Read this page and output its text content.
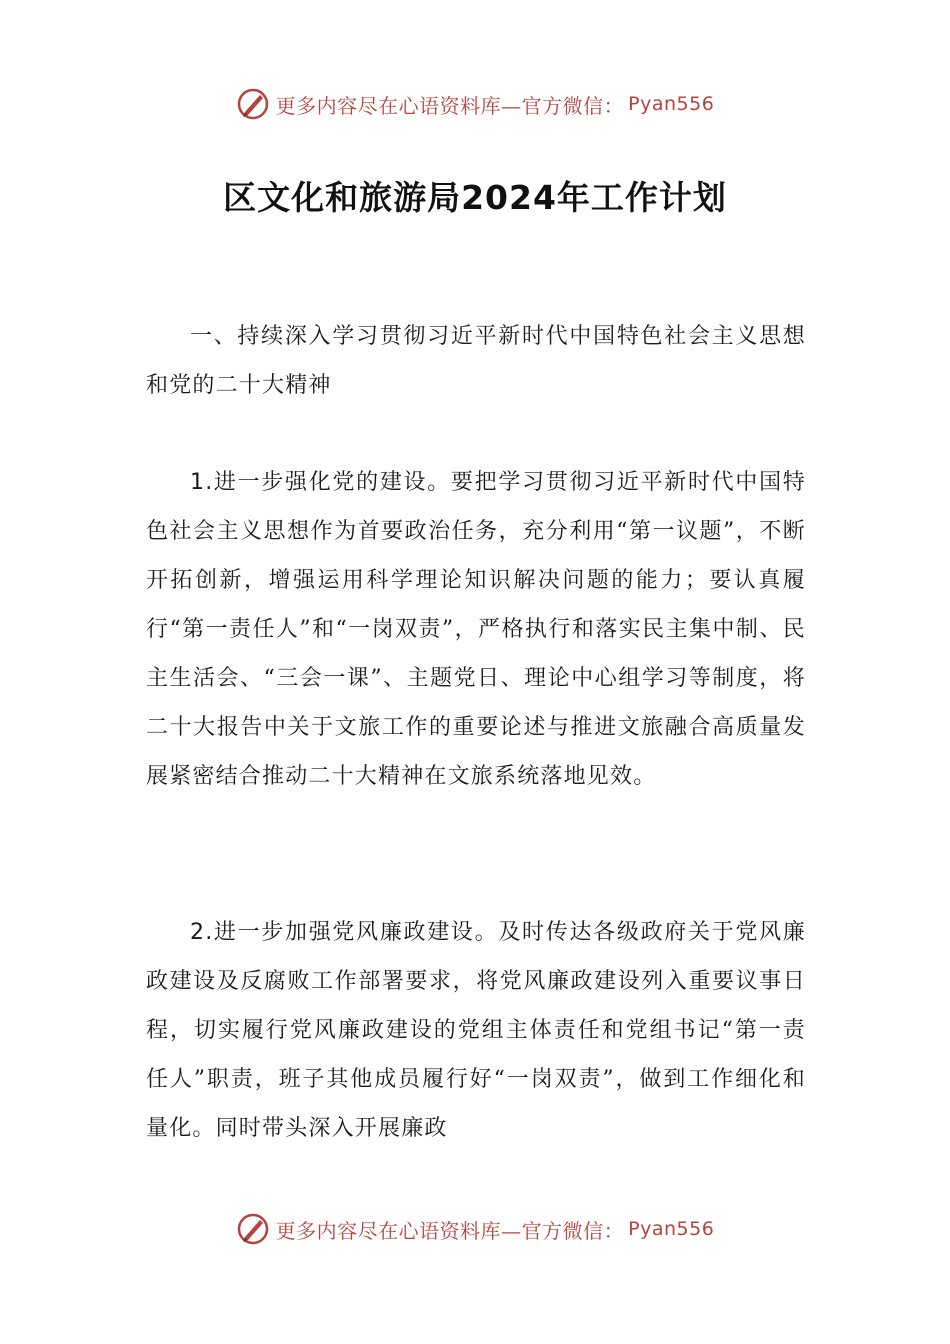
更多内容尽在心语资料库—官方微信： Pyan556
区文化和旅游局2024年工作计划

一、持续深入学习贯彻习近平新时代中国特色社会主义思想和党的二十大精神

1.进一步强化党的建设。要把学习贯彻习近平新时代中国特色社会主义思想作为首要政治任务，充分利用“第一议题”，不断开拓创新，增强运用科学理论知识解决问题的能力；要认真履行“第一责任人”和“一岗双责”，严格执行和落实民主集中制、民主生活会、“三会一课”、主题党日、理论中心组学习等制度，将二十大报告中关于文旅工作的重要论述与推进文旅融合高质量发展紧密结合推动二十大精神在文旅系统落地见效。

2.进一步加强党风廉政建设。及时传达各级政府关于党风廉政建设及反腐败工作部署要求，将党风廉政建设列入重要议事日程，切实履行党风廉政建设的党组主体责任和党组书记“第一责任人”职责，班子其他成员履行好“一岗双责”，做到工作细化和量化。同时带头深入开展廉政

更多内容尽在心语资料库—官方微信： Pyan556
